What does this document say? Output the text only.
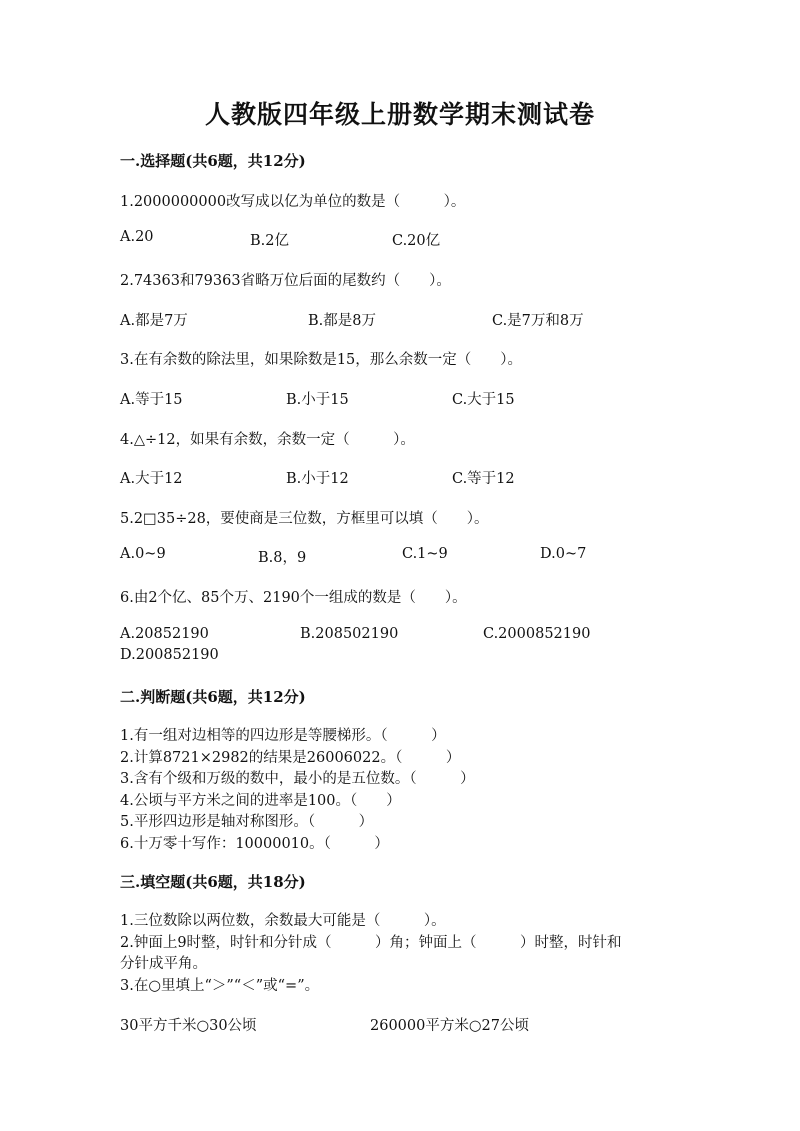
人教版四年级上册数学期末测试卷
一.选择题(共6题，共12分)
1.2000000000改写成以亿为单位的数是（　　　）。
A.20	B.2亿	C.20亿
2.74363和79363省略万位后面的尾数约（　　）。
A.都是7万	B.都是8万	C.是7万和8万
3.在有余数的除法里，如果除数是15，那么余数一定（　　）。
A.等于15	B.小于15	C.大于15
4.△÷12，如果有余数，余数一定（　　　）。
A.大于12	B.小于12	C.等于12
5.2□35÷28，要使商是三位数，方框里可以填（　　）。
A.0~9	B.8，9	C.1~9	D.0~7
6.由2个亿、85个万、2190个一组成的数是（　　）。
A.20852190	B.208502190	C.2000852190
D.200852190
二.判断题(共6题，共12分)
1.有一组对边相等的四边形是等腰梯形。（　　　）
2.计算8721×2982的结果是26006022。（　　　）
3.含有个级和万级的数中，最小的是五位数。（　　　）
4.公顷与平方米之间的进率是100。（　　）
5.平形四边形是轴对称图形。（　　　）
6.十万零十写作：10000010。（　　　）
三.填空题(共6题，共18分)
1.三位数除以两位数，余数最大可能是（　　　）。
2.钟面上9时整，时针和分针成（　　　）角；钟面上（　　　）时整，时针和
分针成平角。
3.在○里填上“＞”“＜”或“=”。
30平方千米○30公顷	260000平方米○27公顷
